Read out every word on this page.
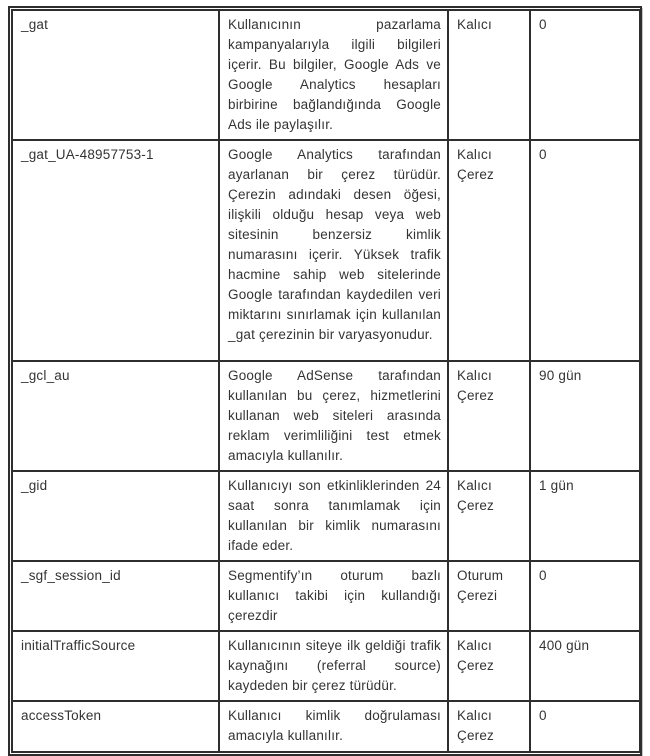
_gat	Kullanıcının pazarlama kampanyalarıyla ilgili bilgileri içerir. Bu bilgiler, Google Ads ve Google Analytics hesapları birbirine bağlandığında Google Ads ile paylaşılır.	Kalıcı	0
_gat_UA-48957753-1	Google Analytics tarafından ayarlanan bir çerez türüdür. Çerezin adındaki desen öğesi, ilişkili olduğu hesap veya web sitesinin benzersiz kimlik numarasını içerir. Yüksek trafik hacmine sahip web sitelerinde Google tarafından kaydedilen veri miktarını sınırlamak için kullanılan _gat çerezinin bir varyasyonudur.	Kalıcı Çerez	0
_gcl_au	Google AdSense tarafından kullanılan bu çerez, hizmetlerini kullanan web siteleri arasında reklam verimliliğini test etmek amacıyla kullanılır.	Kalıcı Çerez	90 gün
_gid	Kullanıcıyı son etkinliklerinden 24 saat sonra tanımlamak için kullanılan bir kimlik numarasını ifade eder.	Kalıcı Çerez	1 gün
_sgf_session_id	Segmentify’ın oturum bazlı kullanıcı takibi için kullandığı çerezdir	Oturum Çerezi	0
initialTrafficSource	Kullanıcının siteye ilk geldiği trafik kaynağını (referral source) kaydeden bir çerez türüdür.	Kalıcı Çerez	400 gün
accessToken	Kullanıcı kimlik doğrulaması amacıyla kullanılır.	Kalıcı Çerez	0
